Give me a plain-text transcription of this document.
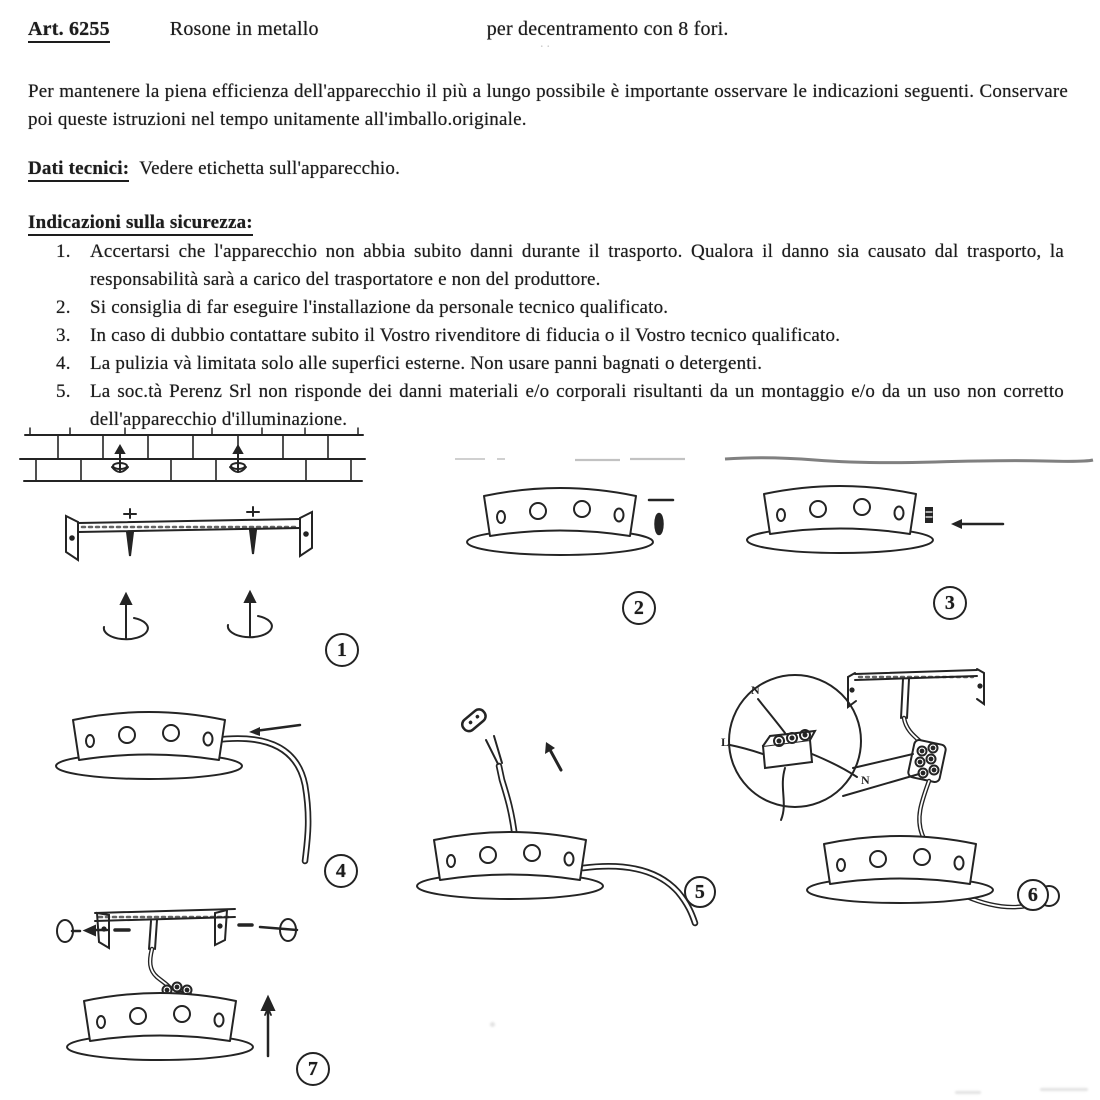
Art. 6255	Rosone in metallo	per decentramento con 8 fori.
..
Per mantenere la piena efficienza dell'apparecchio il più a lungo possibile è importante osservare le indicazioni seguenti. Conservare poi queste istruzioni nel tempo unitamente all'imballo.originale.
Dati tecnici: Vedere etichetta sull'apparecchio.
Indicazioni sulla sicurezza:
1.	Accertarsi che l'apparecchio non abbia subito danni durante il trasporto. Qualora il danno sia causato dal trasporto, la responsabilità sarà a carico del trasportatore e non del produttore.
2.	Si consiglia di far eseguire l'installazione da personale tecnico qualificato.
3.	In caso di dubbio contattare subito il Vostro rivenditore di fiducia o il Vostro tecnico qualificato.
4.	La pulizia và limitata solo alle superfici esterne. Non usare panni bagnati o detergenti.
5.	La soc.tà Perenz Srl non risponde dei danni materiali e/o corporali risultanti da un montaggio e/o da un uso non corretto dell'apparecchio d'illuminazione.
N
L
N
1
2	3
4
5	6
7
